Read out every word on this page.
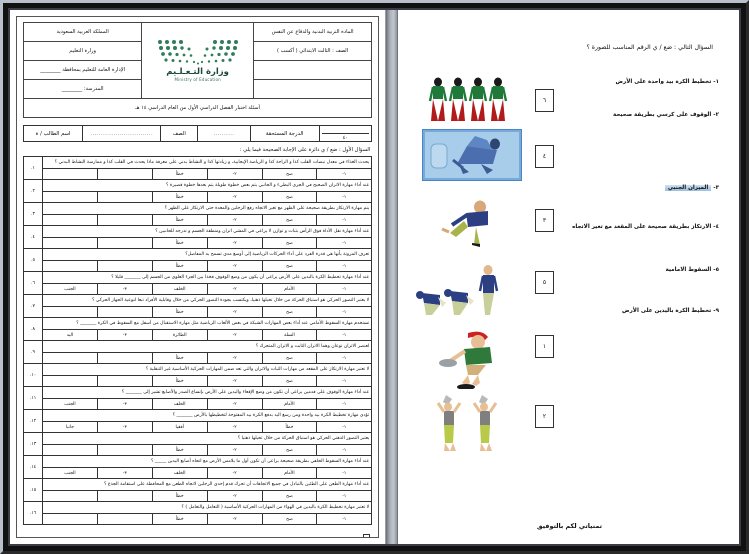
المادة التربية البدنية والدفاع عن النفس	وزارة التـعـلـيم
Ministry of Education	المملكة العربية السعودية
الصف : الثالث الابتدائي ( أكسب )		وزارة التعليم
		الإدارة العامة للتعليم بمحافظة ________
		المدرسة: ________
أسئلة اختبار الفصل الدراسي الأول من العام الدراسي ١٤ هـ		
٤٠
	الدرجة المستحقة	..........	الصف	..............................	اسم الطالب / ة
السؤال الأول : ضع / ي دائرة على الإجابة الصحيحة فيما يلي :
يحدث الغذاء في معدل نبضات القلب كذا و الراحة كذا و الرياضة الإيجابية، و زيادتها كذا و النشاط بدني على معرفة ماذا يحدث في القلب كذا و ممارسة النشاط البدني ؟						١.
١-	صح	٢-	خطأ			
عند أداء مهارة الاتزان الصحيح في الجري البطيء و الجانبي يتم بعض خطوة طويلة يتم بعدها خطوة قصيرة ؟						٢.
١-	صح	٢-	خطأ			
يتم مهارة الارتكاز بطريقة صحيحة على الظهر مع تغير الاتجاه رفع الرجلين والمعدة حتى الارتكاز على الظهر ؟						٣.
١-	صح	٢-	خطأ			
عند أداء مهارة نقل الأداة فوق الرأس بثبات و توازن لا يراعى في المشي اتزان ومنطقة الجسم و تدرجه للجانبين ؟						٤.
١-	صح	٢-	خطأ			
تعرف المرونة بأنها هي قدرة الفرد على أداء الحركات الرياضية إلى أوسع مدى تسمح به المفاصل؟						٥.
١-	صح	٢-	خطأ			
عند أداء مهارة تخطيط الكرة بالبدين على الأرض يراعى أن يكون من وضع الوقوف فخذا بين الجزء العلوي من الجسم إلى _______ قليلا ؟						٦.
١-	الأمام	٢-	الخلف	٣-	الجنب	
لا يعتبر التصور الحركي هو استباق الحركة من خلال تخيلها ذهنيا، ويكتسب بجودة التصور الحركي من خلال وقابلية الأفراد تبعا لنوعية الجهاز الحركي ؟						٧.
١-	صح	٢-	خطأ			
تستخدم مهارة السقوط الأمامي عند أداء بعض المهارات الشبكة في بعض الألعاب الرياضية مثل مهارة الاستقبال من أسفل مع السقوط في الكرة _______ ؟						٨.
١-	السلة	٢-	الطائرة	٣-	اليد	
لعنصر الاتزان نوعان وهما الاتزان الثابت و الاتزان المتحرك ؟						٩.
١-	صح	٢-	خطأ			
لا تعتبر مهارة الارتكاز على المقعد من مهارات الثبات والاتزان والتي تعد ضمن المهارات الحركية الأساسية غير التنقلية ؟						١٠.
١-	صح	٢-	خطأ			
عند أداء مهارة الوقوف على قدمين يراعى أن تكون من وضع الإقعاء واليدين على الأرض بإتساع الصدر والأصابع تشير إلى _______ ؟						١١.
١-	الأمام	٢-	الخلف	٣-	الجنب	
تؤدي مهارة تخطيط الكرة بيد واحدة ومن رسغ اليد بدفع الكرة بيد المفتوحة لتخطيطها بالأرض _______ ؟						١٢.
١-	خطأ	٢-	أفقيا	٣-	جانبا	
يعتبر التصور الذهني الحركي هو استباق الحركة من خلال تخيلها ذهنيا ؟						١٣.
١-	صح	٢-	خطأ			
عند أداء مهارة السقوط الخلفي بطريقة صحيحة يراعى أن تكون أول ما يلامس الأرض مع اتجاه أصابع اليدين _____ ؟						١٤.
١-	الأمام	٢-	الخلف	٣-	الجنب	
عند أداء مهارة الطعن على الطئين بالتبادل في جميع الاتجاهات أن تحرك قدم إحدى الرجلين لاتجاه الطعن مع المحافظة على استقامة الجذع ؟						١٥.
١-	صح	٢-	خطأ			
لا تعتبر مهارة تخطيط الكرة باليدين في الهواء من المهارات الحركية الأساسية ( التعامل والتعامل ) ؟						١٦.
١-	صح	٢-	خطأ			
السؤال التالي : ضع / ي الرقم المناسب للصورة ؟
١- تخطيط الكرة بيد واحدة على الأرض
٢- الوقوف على كرسي بطريقة صحيحة
٣- الميزان الجنبي
٤- الارتكاز بطريقة صحيحة على المقعد مع تغير الاتجاه
٥- السقوط الامامية
٩- تخطيط الكرة باليدين على الأرض
٦
٤
٣
٥
١
٢
تمنياتي لكم بالتوفيق
